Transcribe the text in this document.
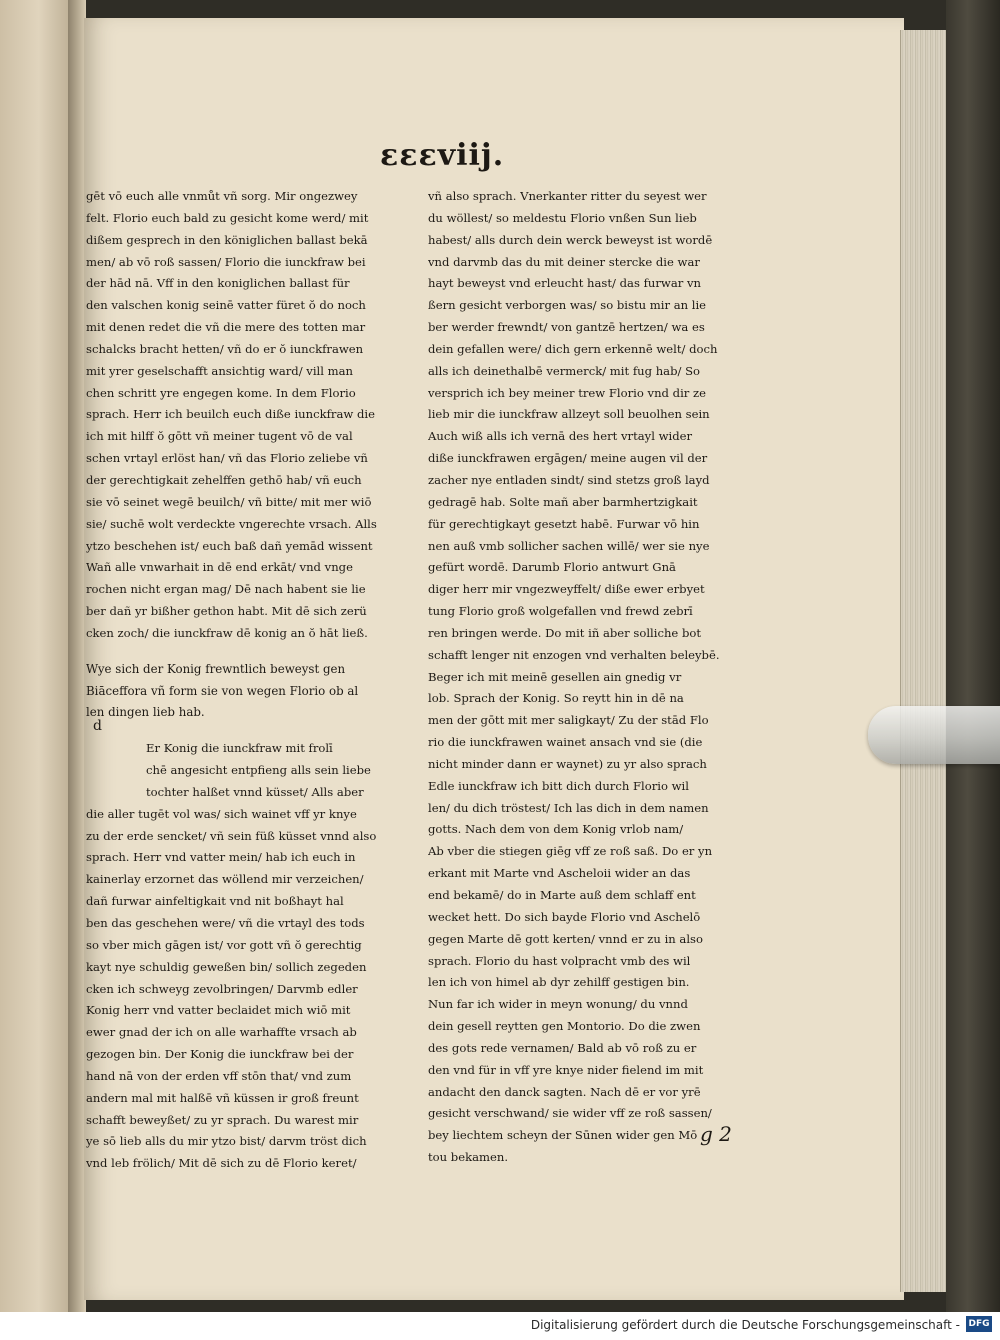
ɛɛɛviij.
gēt vō euch alle vnmůt vñ sorg. Mir ongezwey
felt. Florio euch bald zu gesicht kome werd/ mit
dißem gesprech in den königlichen ballast bekā
men/ ab vō roß sassen/ Florio die iunckfraw bei
der hād nā. Vff in den koniglichen ballast für
den valschen konig seinē vatter füret ŏ do noch
mit denen redet die vñ die mere des totten mar
schalcks bracht hetten/ vñ do er ŏ iunckfrawen
mit yrer geselschafft ansichtig ward/ vill man
chen schritt yre engegen kome. In dem Florio
sprach. Herr ich beuilch euch diße iunckfraw die
ich mit hilff ŏ gōtt vñ meiner tugent vō de val
schen vrtayl erlöst han/ vñ das Florio zeliebe vñ
der gerechtigkait zehelffen gethō hab/ vñ euch
sie vō seinet wegē beuilch/ vñ bitte/ mit mer wiō
sie/ suchē wolt verdeckte vngerechte vrsach. Alls
ytzo beschehen ist/ euch baß dañ yemād wissent
Wañ alle vnwarhait in dē end erkāt/ vnd vnge
rochen nicht ergan mag/ Dē nach habent sie lie
ber dañ yr bißher gethon habt. Mit dē sich zerü
cken zoch/ die iunckfraw dē konig an ŏ hāt ließ.
Wye sich der Konig frewntlich beweyst gen
Biāceffora vñ form sie von wegen Florio ob al
len dingen lieb hab.
Er Konig die iunckfraw mit frolī
chē angesicht entpfieng alls sein liebe
tochter halßet vnnd küsset/ Alls aber
die aller tugēt vol was/ sich wainet vff yr knye
zu der erde sencket/ vñ sein füß küsset vnnd also
sprach. Herr vnd vatter mein/ hab ich euch in
kainerlay erzornet das wöllend mir verzeichen/
dañ furwar ainfeltigkait vnd nit boßhayt hal
ben das geschehen were/ vñ die vrtayl des tods
so vber mich gāgen ist/ vor gott vñ ŏ gerechtig
kayt nye schuldig geweßen bin/ sollich zegeden
cken ich schweyg zevolbringen/ Darvmb edler
Konig herr vnd vatter beclaidet mich wiō mit
ewer gnad der ich on alle warhaffte vrsach ab
gezogen bin. Der Konig die iunckfraw bei der
hand nā von der erden vff stōn that/ vnd zum
andern mal mit halßē vñ küssen ir groß freunt
schafft beweyßet/ zu yr sprach. Du warest mir
ye sō lieb alls du mir ytzo bist/ darvm tröst dich
vnd leb frölich/ Mit dē sich zu dē Florio keret/
vñ also sprach. Vnerkanter ritter du seyest wer
du wöllest/ so meldestu Florio vnßen Sun lieb
habest/ alls durch dein werck beweyst ist wordē
vnd darvmb das du mit deiner stercke die war
hayt beweyst vnd erleucht hast/ das furwar vn
ßern gesicht verborgen was/ so bistu mir an lie
ber werder frewndt/ von gantzē hertzen/ wa es
dein gefallen were/ dich gern erkennē welt/ doch
alls ich deinethalbē vermerck/ mit fug hab/ So
versprich ich bey meiner trew Florio vnd dir ze
lieb mir die iunckfraw allzeyt soll beuolhen sein
Auch wiß alls ich vernā des hert vrtayl wider
diße iunckfrawen ergāgen/ meine augen vil der
zacher nye entladen sindt/ sind stetzs groß layd
gedragē hab. Solte mañ aber barmhertzigkait
für gerechtigkayt gesetzt habē. Furwar vō hin
nen auß vmb sollicher sachen willē/ wer sie nye
gefürt wordē. Darumb Florio antwurt Gnā
diger herr mir vngezweyffelt/ diße ewer erbyet
tung Florio groß wolgefallen vnd frewd zebrī
ren bringen werde. Do mit iñ aber solliche bot
schafft lenger nit enzogen vnd verhalten beleybē.
Beger ich mit meinē gesellen ain gnedig vr
lob. Sprach der Konig. So reytt hin in dē na
men der gōtt mit mer saligkayt/ Zu der stād Flo
rio die iunckfrawen wainet ansach vnd sie (die
nicht minder dann er waynet) zu yr also sprach
Edle iunckfraw ich bitt dich durch Florio wil
len/ du dich tröstest/ Ich las dich in dem namen
gotts. Nach dem von dem Konig vrlob nam/
Ab vber die stiegen giēg vff ze roß saß. Do er yn
erkant mit Marte vnd Ascheloii wider an das
end bekamē/ do in Marte auß dem schlaff ent
wecket hett. Do sich bayde Florio vnd Aschelō
gegen Marte dē gott kerten/ vnnd er zu in also
sprach. Florio du hast volpracht vmb des wil
len ich von himel ab dyr zehilff gestigen bin.
Nun far ich wider in meyn wonung/ du vnnd
dein gesell reytten gen Montorio. Do die zwen
des gots rede vernamen/ Bald ab vō roß zu er
den vnd für in vff yre knye nider fielend im mit
andacht den danck sagten. Nach dē er vor yrē
gesicht verschwand/ sie wider vff ze roß sassen/
bey liechtem scheyn der Sūnen wider gen Mō
tou bekamen.
d
g 2
Digitalisierung gefördert durch die Deutsche Forschungsgemeinschaft - DFG
